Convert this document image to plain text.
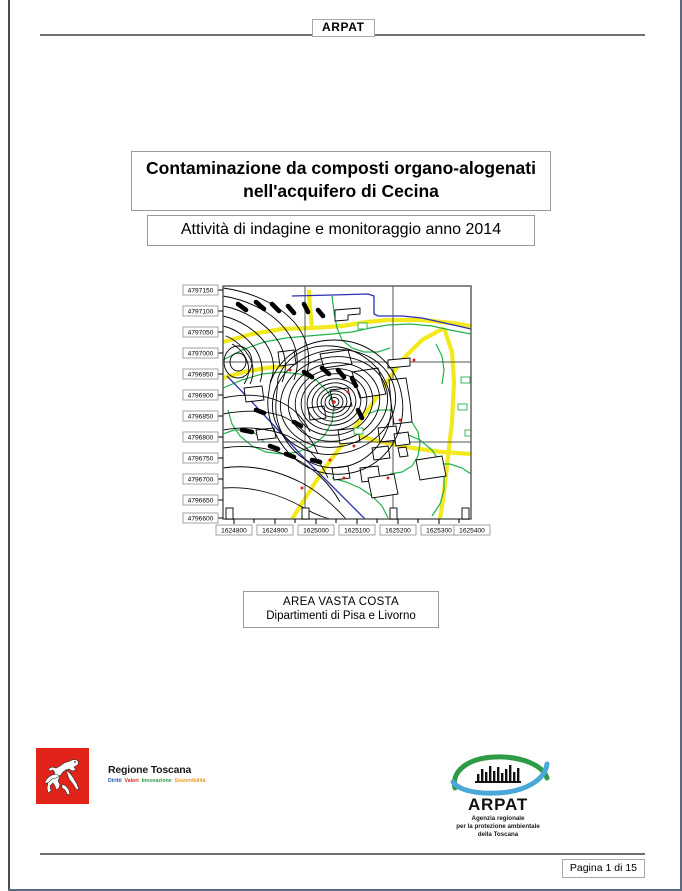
ARPAT
Contaminazione da composti organo-alogenati
nell'acquifero di Cecina
Attività di indagine e monitoraggio anno 2014
4797150
4797100
4797050
4797000
4796950
4796900
4796850
4796800
4796750
4796700
4796650
4796600
1624800 1624900 1625000 1625100 1625200 1625300 1625400
AREA VASTA COSTA
Dipartimenti di Pisa e Livorno
Regione Toscana
Diritti Valori Innovazione Sostenibilità
ARPAT
Agenzia regionale
per la protezione ambientale
della Toscana
Pagina 1 di 15
